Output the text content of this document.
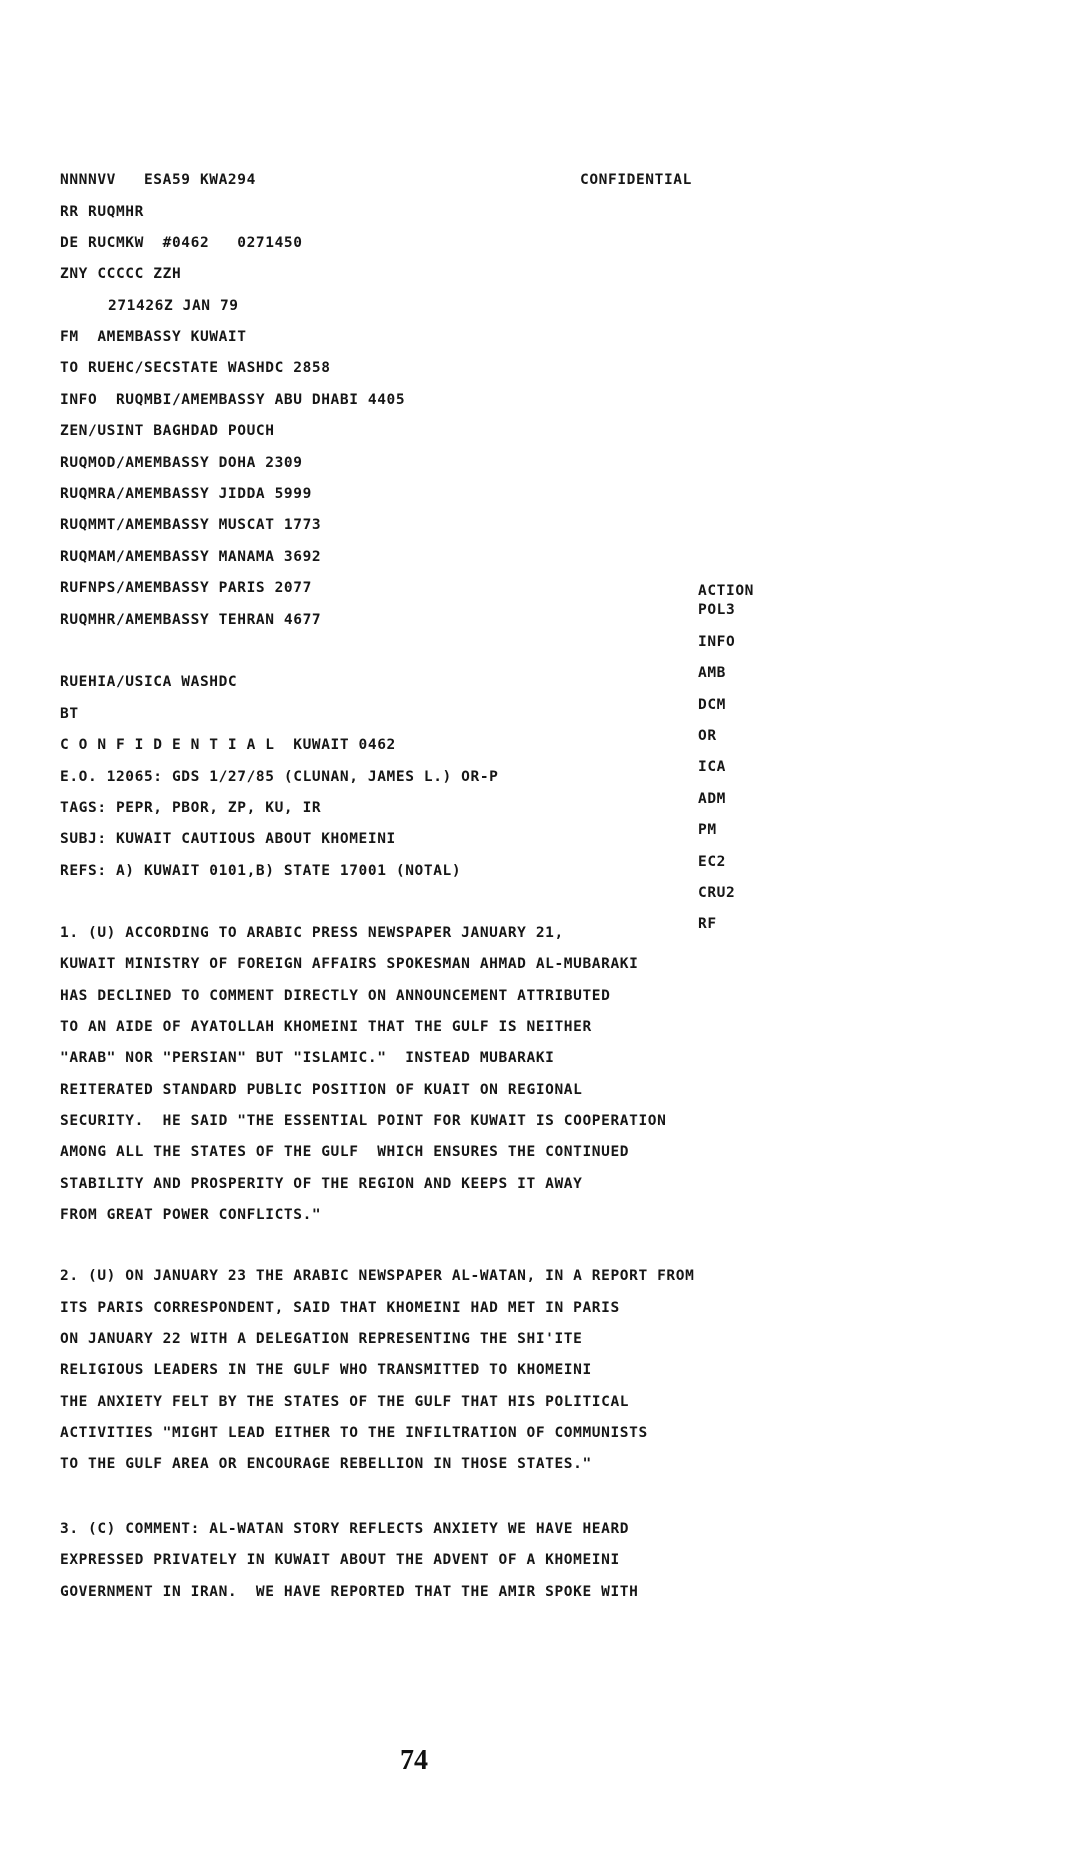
NNNNVV   ESA59 KWA294	CONFIDENTIAL
RR RUQMHR
DE RUCMKW  #0462   0271450
ZNY CCCCC ZZH
271426Z JAN 79
FM  AMEMBASSY KUWAIT
TO RUEHC/SECSTATE WASHDC 2858
INFO  RUQMBI/AMEMBASSY ABU DHABI 4405
ZEN/USINT BAGHDAD POUCH
RUQMOD/AMEMBASSY DOHA 2309
RUQMRA/AMEMBASSY JIDDA 5999
RUQMMT/AMEMBASSY MUSCAT 1773
RUQMAM/AMEMBASSY MANAMA 3692
RUFNPS/AMEMBASSY PARIS 2077
RUQMHR/AMEMBASSY TEHRAN 4677
RUEHIA/USICA WASHDC
BT
ACTION
POL3
INFO
AMB
DCM
OR
ICA
ADM
PM
EC2
CRU2
RF
C O N F I D E N T I A L  KUWAIT 0462
E.O. 12065: GDS 1/27/85 (CLUNAN, JAMES L.) OR-P
TAGS: PEPR, PBOR, ZP, KU, IR
SUBJ: KUWAIT CAUTIOUS ABOUT KHOMEINI
REFS: A) KUWAIT 0101,B) STATE 17001 (NOTAL)
1. (U) ACCORDING TO ARABIC PRESS NEWSPAPER JANUARY 21,
KUWAIT MINISTRY OF FOREIGN AFFAIRS SPOKESMAN AHMAD AL-MUBARAKI
HAS DECLINED TO COMMENT DIRECTLY ON ANNOUNCEMENT ATTRIBUTED
TO AN AIDE OF AYATOLLAH KHOMEINI THAT THE GULF IS NEITHER
"ARAB" NOR "PERSIAN" BUT "ISLAMIC."  INSTEAD MUBARAKI
REITERATED STANDARD PUBLIC POSITION OF KUAIT ON REGIONAL
SECURITY.  HE SAID "THE ESSENTIAL POINT FOR KUWAIT IS COOPERATION
AMONG ALL THE STATES OF THE GULF  WHICH ENSURES THE CONTINUED
STABILITY AND PROSPERITY OF THE REGION AND KEEPS IT AWAY
FROM GREAT POWER CONFLICTS."
2. (U) ON JANUARY 23 THE ARABIC NEWSPAPER AL-WATAN, IN A REPORT FROM
ITS PARIS CORRESPONDENT, SAID THAT KHOMEINI HAD MET IN PARIS
ON JANUARY 22 WITH A DELEGATION REPRESENTING THE SHI'ITE
RELIGIOUS LEADERS IN THE GULF WHO TRANSMITTED TO KHOMEINI
THE ANXIETY FELT BY THE STATES OF THE GULF THAT HIS POLITICAL
ACTIVITIES "MIGHT LEAD EITHER TO THE INFILTRATION OF COMMUNISTS
TO THE GULF AREA OR ENCOURAGE REBELLION IN THOSE STATES."
3. (C) COMMENT: AL-WATAN STORY REFLECTS ANXIETY WE HAVE HEARD
EXPRESSED PRIVATELY IN KUWAIT ABOUT THE ADVENT OF A KHOMEINI
GOVERNMENT IN IRAN.  WE HAVE REPORTED THAT THE AMIR SPOKE WITH
74
